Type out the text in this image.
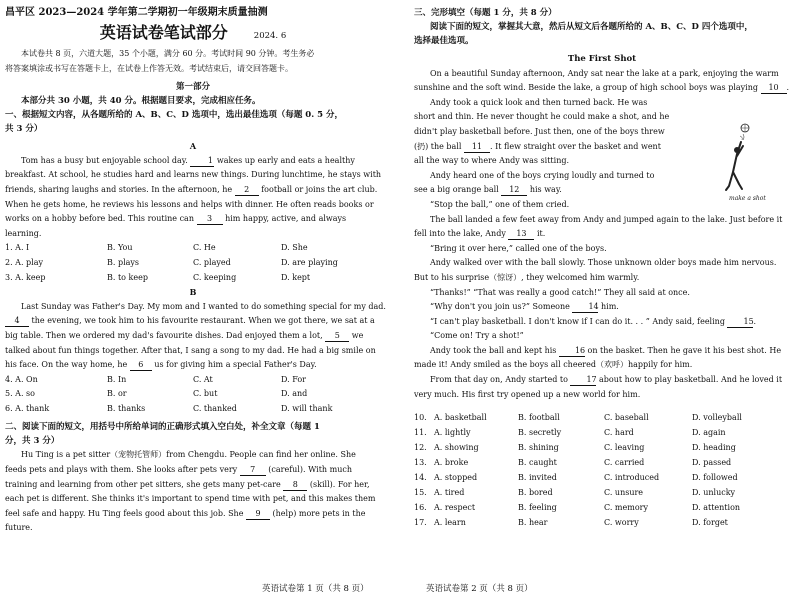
昌平区 2023—2024 学年第二学期初一年级期末质量抽测
英语试卷笔试部分	2024. 6
本试卷共 8 页，六道大题，35 个小题，满分 60 分。考试时间 90 分钟。考生务必
将答案填涂或书写在答题卡上，在试卷上作答无效。考试结束后，请交回答题卡。
第一部分
本部分共 30 小题，共 40 分。根据题目要求，完成相应任务。
一、根据短文内容，从各题所给的 A、B、C、D 选项中，选出最佳选项（每题 0. 5 分，
共 3 分）
A
Tom has a busy but enjoyable school day.	1 wakes up early and eats a healthy
breakfast. At school, he studies hard and learns new things. During lunchtime, he stays with
friends, sharing laughs and stories. In the afternoon, he 2 football or joins the art club.
When he gets home, he reviews his lessons and helps with dinner. He often reads books or
works on a hobby before bed. This routine can 3 him happy, active, and always
learning.
1. A. I	B. You	C. He	D. She
2. A. play	B. plays	C. played	D. are playing
3. A. keep	B. to keep	C. keeping	D. kept
B
Last Sunday was Father's Day. My mom and I wanted to do something special for my dad.
4 the evening, we took him to his favourite restaurant. When we got there, we sat at a
big table. Then we ordered my dad's favourite dishes. Dad enjoyed them a lot, 5 we
talked about fun things together. After that, I sang a song to my dad. He had a big smile on
his face. On the way home, he 6 us for giving him a special Father's Day.
4. A. On	B. In	C. At	D. For
5. A. so	B. or	C. but	D. and
6. A. thank	B. thanks	C. thanked	D. will thank
二、阅读下面的短文，用括号中所给单词的正确形式填入空白处，补全文章（每题 1
分，共 3 分）
Hu Ting is a pet sitter（宠物托管师）from Chengdu. People can find her online. She
feeds pets and plays with them. She looks after pets very 7 (careful). With much
training and learning from other pet sitters, she gets many pet-care 8 (skill). For her,
each pet is different. She thinks it's important to spend time with pet, and this makes them
feel safe and happy. Hu Ting feels good about this job. She 9 (help) more pets in the
future.
英语试卷第 1 页（共 8 页）
三、完形填空（每题 1 分，共 8 分）
阅读下面的短文，掌握其大意，然后从短文后各题所给的 A、B、C、D 四个选项中，
选择最佳选项。
The First Shot
On a beautiful Sunday afternoon, Andy sat near the lake at a park, enjoying the warm
sunshine and the soft wind. Beside the lake, a group of high school boys was playing 10 .
Andy took a quick look and then turned back. He was
short and thin. He never thought he could make a shot, and he
didn't play basketball before. Just then, one of the boys threw
(扔) the ball 11 . It flew straight over the basket and went
all the way to where Andy was sitting.
Andy heard one of the boys crying loudly and turned to
see a big orange ball 12 his way.
“Stop the ball,” one of them cried.
The ball landed a few feet away from Andy and jumped again to the lake. Just before it
fell into the lake, Andy 13 it.
“Bring it over here,” called one of the boys.
Andy walked over with the ball slowly. Those unknown older boys made him nervous.
But to his surprise（惊讶）, they welcomed him warmly.
“Thanks!” “That was really a good catch!” They all said at once.
“Why don't you join us?” Someone 14 him.
“I can't play basketball. I don't know if I can do it. . . ” Andy said, feeling 15.
“Come on! Try a shot!”
Andy took the ball and kept his 16 on the basket. Then he gave it his best shot. He
made it! Andy smiled as the boys all cheered（欢呼）happily for him.
From that day on, Andy started to 17 about how to play basketball. And he loved it
very much. His first try opened up a new world for him.
10. A. basketball	B. football	C. baseball	D. volleyball
11. A. lightly	B. secretly	C. hard	D. again
12. A. showing	B. shining	C. leaving	D. heading
13. A. broke	B. caught	C. carried	D. passed
14. A. stopped	B. invited	C. introduced	D. followed
15. A. tired	B. bored	C. unsure	D. unlucky
16. A. respect	B. feeling	C. memory	D. attention
17. A. learn	B. hear	C. worry	D. forget
make a shot
英语试卷第 2 页（共 8 页）
